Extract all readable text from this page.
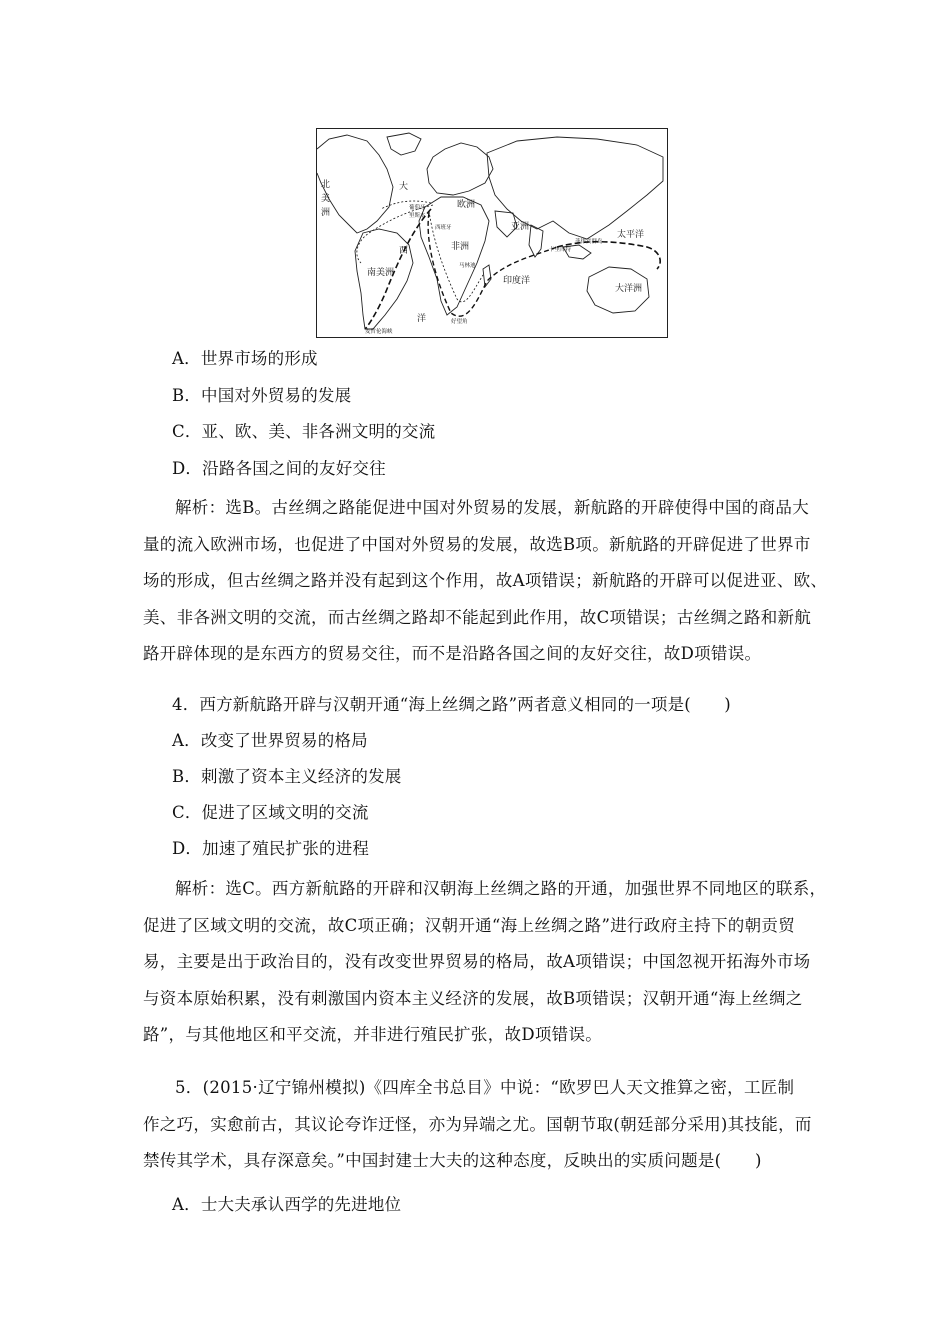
北
美
洲
大
西
洋
欧洲
葡萄牙
里斯本
西班牙
非洲
亚洲
南美洲
马林迪
印度洋
卡里库特
菲律宾群岛
太平洋
大洋洲
好望角
麦哲伦海峡
A．世界市场的形成
B．中国对外贸易的发展
C．亚、欧、美、非各洲文明的交流
D．沿路各国之间的友好交往
解析：选B。古丝绸之路能促进中国对外贸易的发展，新航路的开辟使得中国的商品大
量的流入欧洲市场，也促进了中国对外贸易的发展，故选B项。新航路的开辟促进了世界市
场的形成，但古丝绸之路并没有起到这个作用，故A项错误；新航路的开辟可以促进亚、欧、
美、非各洲文明的交流，而古丝绸之路却不能起到此作用，故C项错误；古丝绸之路和新航
路开辟体现的是东西方的贸易交往，而不是沿路各国之间的友好交往，故D项错误。
4．西方新航路开辟与汉朝开通“海上丝绸之路”两者意义相同的一项是(　　)
A．改变了世界贸易的格局
B．刺激了资本主义经济的发展
C．促进了区域文明的交流
D．加速了殖民扩张的进程
解析：选C。西方新航路的开辟和汉朝海上丝绸之路的开通，加强世界不同地区的联系，
促进了区域文明的交流，故C项正确；汉朝开通“海上丝绸之路”进行政府主持下的朝贡贸
易，主要是出于政治目的，没有改变世界贸易的格局，故A项错误；中国忽视开拓海外市场
与资本原始积累，没有刺激国内资本主义经济的发展，故B项错误；汉朝开通“海上丝绸之
路”，与其他地区和平交流，并非进行殖民扩张，故D项错误。
5．(2015·辽宁锦州模拟)《四库全书总目》中说：“欧罗巴人天文推算之密，工匠制
作之巧，实愈前古，其议论夸诈迂怪，亦为异端之尤。国朝节取(朝廷部分采用)其技能，而
禁传其学术，具存深意矣。”中国封建士大夫的这种态度，反映出的实质问题是(　　)
A．士大夫承认西学的先进地位
